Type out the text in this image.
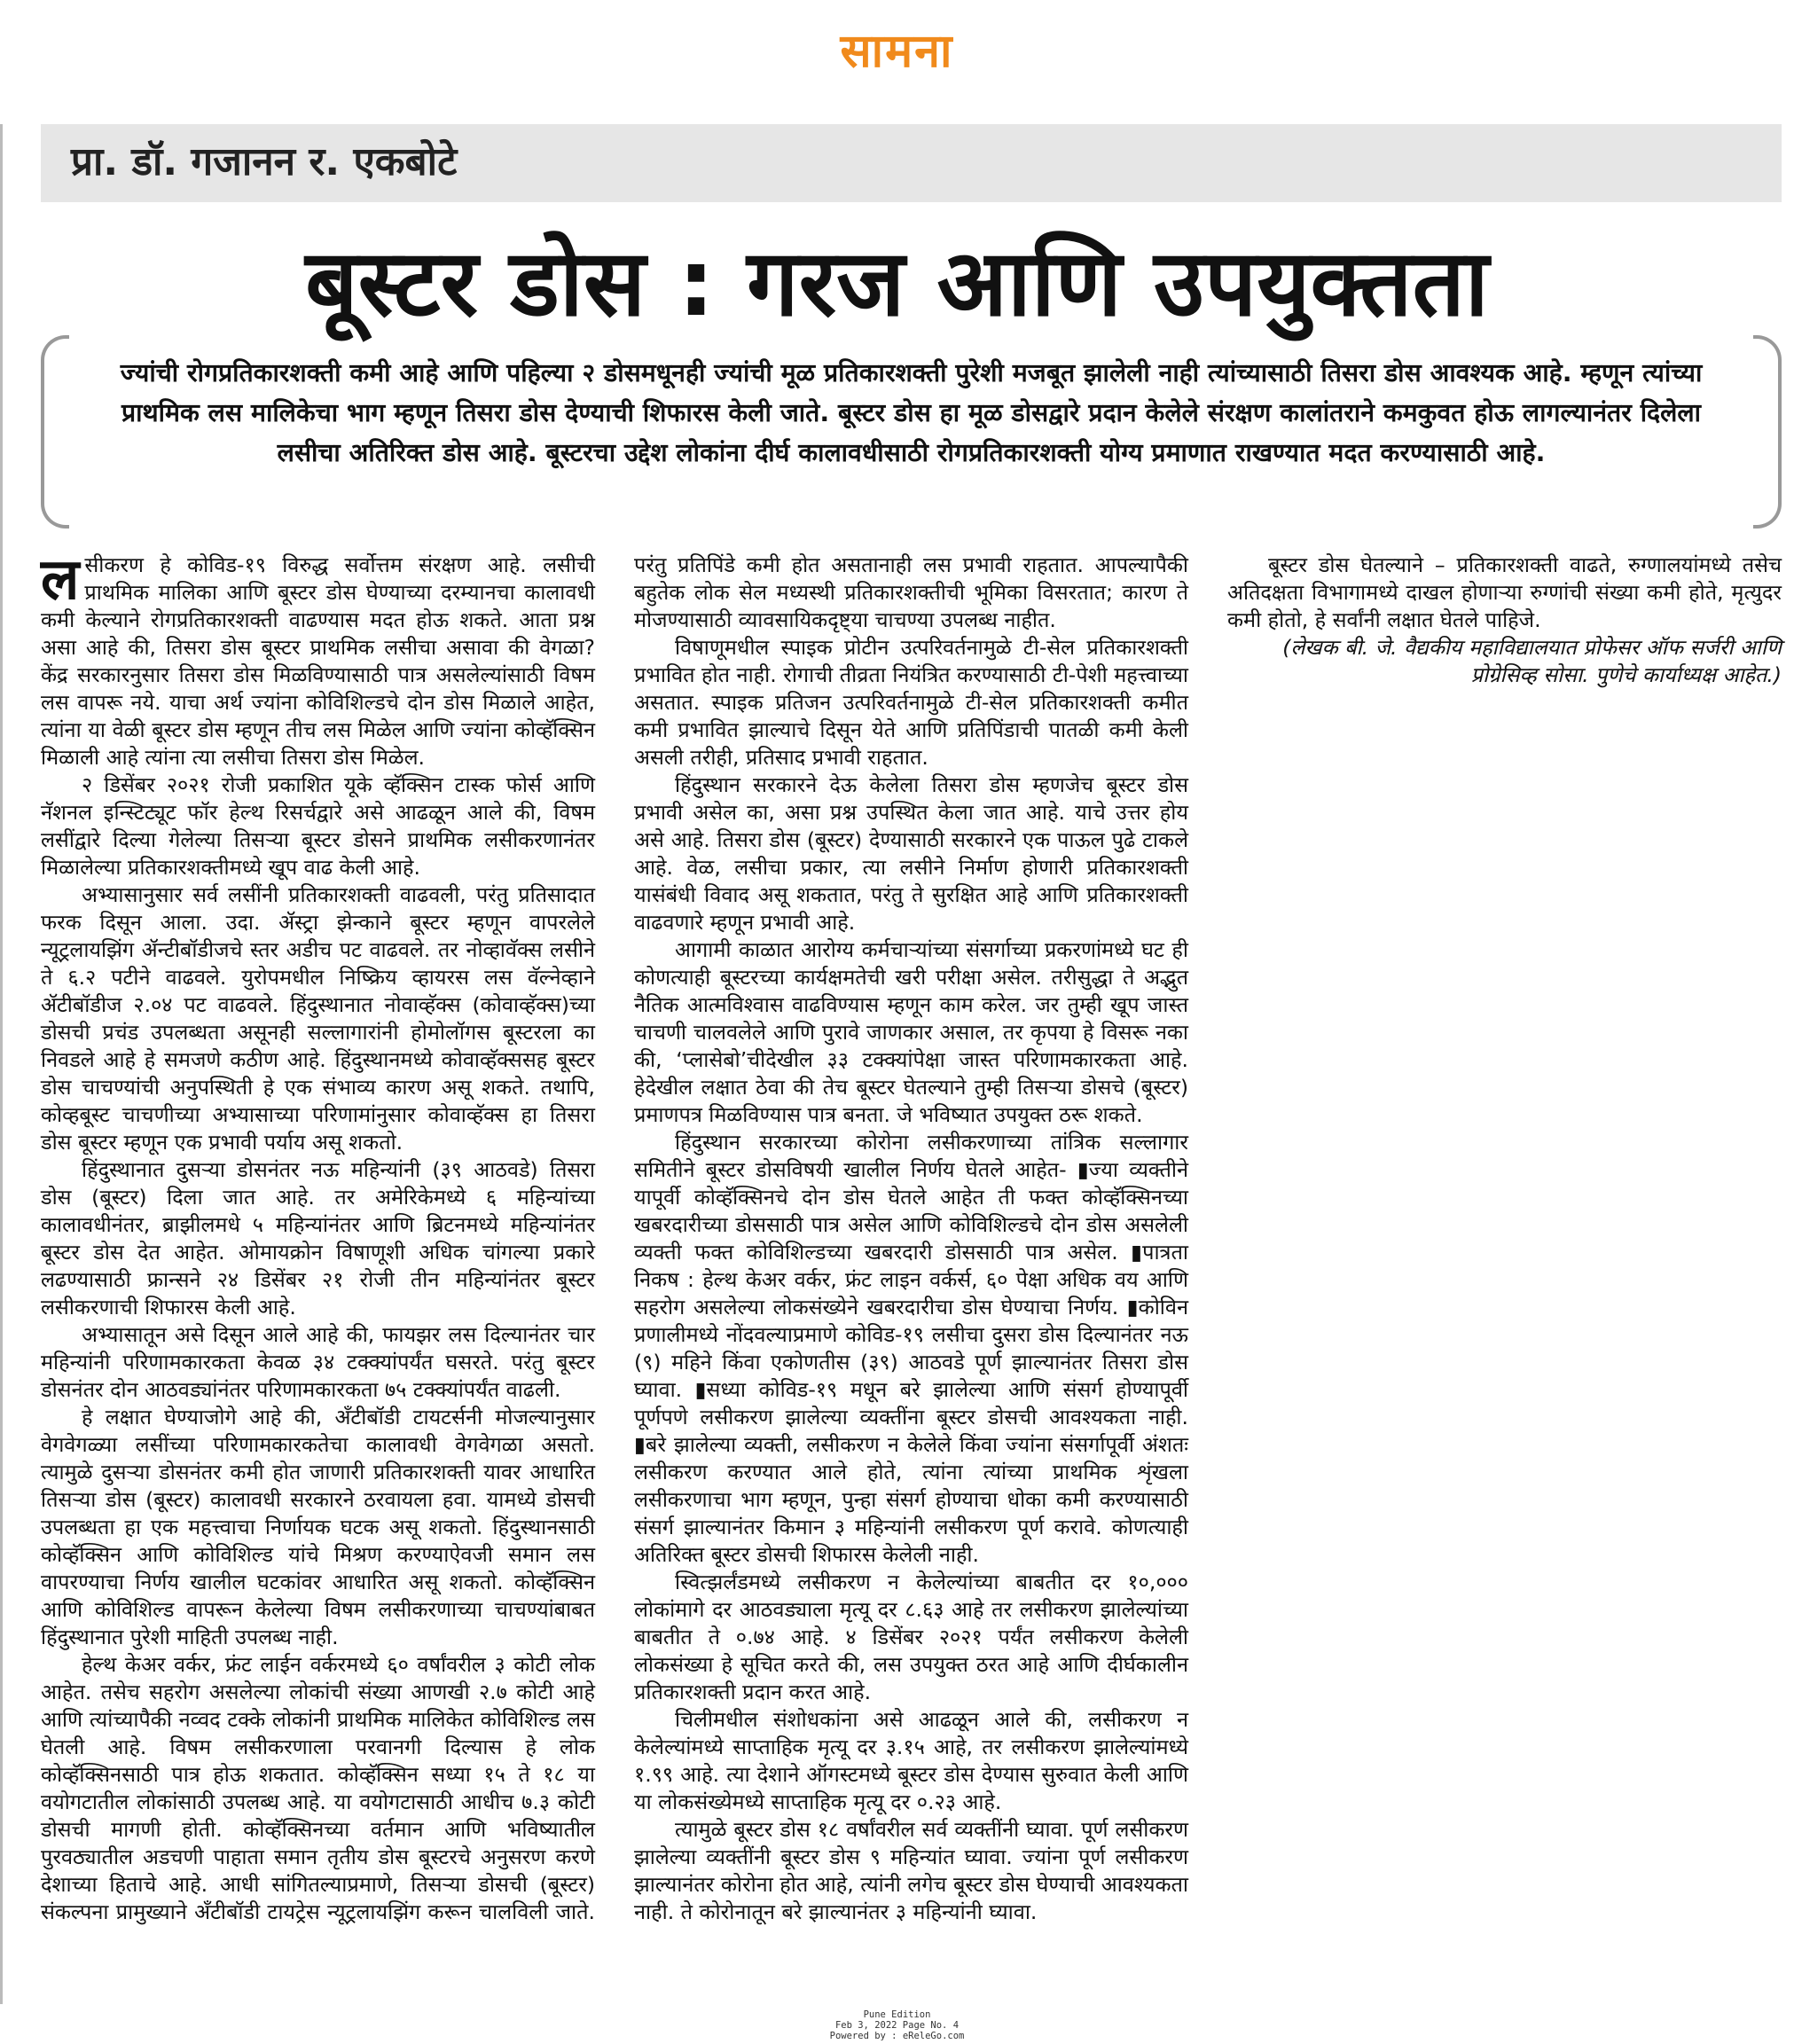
सामना
प्रा. डॉ. गजानन र. एकबोटे
बूस्टर डोस : गरज आणि उपयुक्तता
ज्यांची रोगप्रतिकारशक्ती कमी आहे आणि पहिल्या २ डोसमधूनही ज्यांची मूळ प्रतिकारशक्ती पुरेशी मजबूत झालेली नाही त्यांच्यासाठी तिसरा डोस आवश्यक आहे. म्हणून त्यांच्या प्राथमिक लस मालिकेचा भाग म्हणून तिसरा डोस देण्याची शिफारस केली जाते. बूस्टर डोस हा मूळ डोसद्वारे प्रदान केलेले संरक्षण कालांतराने कमकुवत होऊ लागल्यानंतर दिलेला लसीचा अतिरिक्त डोस आहे. बूस्टरचा उद्देश लोकांना दीर्घ कालावधीसाठी रोगप्रतिकारशक्ती योग्य प्रमाणात राखण्यात मदत करण्यासाठी आहे.

लसीकरण हे कोविड-१९ विरुद्ध सर्वोत्तम संरक्षण आहे. लसीची प्राथमिक मालिका आणि बूस्टर डोस घेण्याच्या दरम्यानचा कालावधी कमी केल्याने रोगप्रतिकारशक्ती वाढण्यास मदत होऊ शकते. आता प्रश्न असा आहे की, तिसरा डोस बूस्टर प्राथमिक लसीचा असावा की वेगळा? केंद्र सरकारनुसार तिसरा डोस मिळविण्यासाठी पात्र असलेल्यांसाठी विषम लस वापरू नये. याचा अर्थ ज्यांना कोविशिल्डचे दोन डोस मिळाले आहेत, त्यांना या वेळी बूस्टर डोस म्हणून तीच लस मिळेल आणि ज्यांना कोव्हॅक्सिन मिळाली आहे त्यांना त्या लसीचा तिसरा डोस मिळेल.

२ डिसेंबर २०२१ रोजी प्रकाशित यूके व्हॅक्सिन टास्क फोर्स आणि नॅशनल इन्स्टिट्यूट फॉर हेल्थ रिसर्चद्वारे असे आढळून आले की, विषम लसींद्वारे दिल्या गेलेल्या तिसऱ्या बूस्टर डोसने प्राथमिक लसीकरणानंतर मिळालेल्या प्रतिकारशक्तीमध्ये खूप वाढ केली आहे.

अभ्यासानुसार सर्व लसींनी प्रतिकारशक्ती वाढवली, परंतु प्रतिसादात फरक दिसून आला. उदा. ॲस्ट्रा झेन्काने बूस्टर म्हणून वापरलेले न्यूट्रलायझिंग ॲन्टीबॉडीजचे स्तर अडीच पट वाढवले. तर नोव्हावॅक्स लसीने ते ६.२ पटीने वाढवले. युरोपमधील निष्क्रिय व्हायरस लस वॅल्नेव्हाने ॲटीबॉडीज २.०४ पट वाढवले. हिंदुस्थानात नोवाव्हॅक्स (कोवाव्हॅक्स)च्या डोसची प्रचंड उपलब्धता असूनही सल्लागारांनी होमोलॉगस बूस्टरला का निवडले आहे हे समजणे कठीण आहे. हिंदुस्थानमध्ये कोवाव्हॅक्ससह बूस्टर डोस चाचण्यांची अनुपस्थिती हे एक संभाव्य कारण असू शकते. तथापि, कोव्हबूस्ट चाचणीच्या अभ्यासाच्या परिणामांनुसार कोवाव्हॅक्स हा तिसरा डोस बूस्टर म्हणून एक प्रभावी पर्याय असू शकतो.

हिंदुस्थानात दुसऱ्या डोसनंतर नऊ महिन्यांनी (३९ आठवडे) तिसरा डोस (बूस्टर) दिला जात आहे. तर अमेरिकेमध्ये ६ महिन्यांच्या कालावधीनंतर, ब्राझीलमधे ५ महिन्यांनंतर आणि ब्रिटनमध्ये महिन्यांनंतर बूस्टर डोस देत आहेत. ओमायक्रोन विषाणूशी अधिक चांगल्या प्रकारे लढण्यासाठी फ्रान्सने २४ डिसेंबर २१ रोजी तीन महिन्यांनंतर बूस्टर लसीकरणाची शिफारस केली आहे.

अभ्यासातून असे दिसून आले आहे की, फायझर लस दिल्यानंतर चार महिन्यांनी परिणामकारकता केवळ ३४ टक्क्यांपर्यंत घसरते. परंतु बूस्टर डोसनंतर दोन आठवड्यांनंतर परिणामकारकता ७५ टक्क्यांपर्यंत वाढली.

हे लक्षात घेण्याजोगे आहे की, ॲंटीबॉडी टायटर्सनी मोजल्यानुसार वेगवेगळ्या लसींच्या परिणामकारकतेचा कालावधी वेगवेगळा असतो. त्यामुळे दुसऱ्या डोसनंतर कमी होत जाणारी प्रतिकारशक्ती यावर आधारित तिसऱ्या डोस (बूस्टर) कालावधी सरकारने ठरवायला हवा. यामध्ये डोसची उपलब्धता हा एक महत्त्वाचा निर्णायक घटक असू शकतो. हिंदुस्थानसाठी कोव्हॅक्सिन आणि कोविशिल्ड यांचे मिश्रण करण्याऐवजी समान लस वापरण्याचा निर्णय खालील घटकांवर आधारित असू शकतो. कोव्हॅक्सिन आणि कोविशिल्ड वापरून केलेल्या विषम लसीकरणाच्या चाचण्यांबाबत हिंदुस्थानात पुरेशी माहिती उपलब्ध नाही.

हेल्थ केअर वर्कर, फ्रंट लाईन वर्करमध्ये ६० वर्षांवरील ३ कोटी लोक आहेत. तसेच सहरोग असलेल्या लोकांची संख्या आणखी २.७ कोटी आहे आणि त्यांच्यापैकी नव्वद टक्के लोकांनी प्राथमिक मालिकेत कोविशिल्ड लस घेतली आहे. विषम लसीकरणाला परवानगी दिल्यास हे लोक कोव्हॅक्सिनसाठी पात्र होऊ शकतात. कोव्हॅक्सिन सध्या १५ ते १८ या वयोगटातील लोकांसाठी उपलब्ध आहे. या वयोगटासाठी आधीच ७.३ कोटी डोसची मागणी होती. कोव्हॅक्सिनच्या वर्तमान आणि भविष्यातील पुरवठ्यातील अडचणी पाहाता समान तृतीय डोस बूस्टरचे अनुसरण करणे देशाच्या हिताचे आहे. आधी सांगितल्याप्रमाणे, तिसऱ्या डोसची (बूस्टर) संकल्पना प्रामुख्याने ॲंटीबॉडी टायट्रेस न्यूट्रलायझिंग करून चालविली जाते. परंतु प्रतिपिंडे कमी होत असतानाही लस प्रभावी राहतात. आपल्यापैकी बहुतेक लोक सेल मध्यस्थी प्रतिकारशक्तीची भूमिका विसरतात; कारण ते मोजण्यासाठी व्यावसायिकदृष्ट्या चाचण्या उपलब्ध नाहीत.

विषाणूमधील स्पाइक प्रोटीन उत्परिवर्तनामुळे टी-सेल प्रतिकारशक्ती प्रभावित होत नाही. रोगाची तीव्रता नियंत्रित करण्यासाठी टी-पेशी महत्त्वाच्या असतात. स्पाइक प्रतिजन उत्परिवर्तनामुळे टी-सेल प्रतिकारशक्ती कमीत कमी प्रभावित झाल्याचे दिसून येते आणि प्रतिपिंडाची पातळी कमी केली असली तरीही, प्रतिसाद प्रभावी राहतात.

हिंदुस्थान सरकारने देऊ केलेला तिसरा डोस म्हणजेच बूस्टर डोस प्रभावी असेल का, असा प्रश्न उपस्थित केला जात आहे. याचे उत्तर होय असे आहे. तिसरा डोस (बूस्टर) देण्यासाठी सरकारने एक पाऊल पुढे टाकले आहे. वेळ, लसीचा प्रकार, त्या लसीने निर्माण होणारी प्रतिकारशक्ती यासंबंधी विवाद असू शकतात, परंतु ते सुरक्षित आहे आणि प्रतिकारशक्ती वाढवणारे म्हणून प्रभावी आहे.

आगामी काळात आरोग्य कर्मचाऱ्यांच्या संसर्गाच्या प्रकरणांमध्ये घट ही कोणत्याही बूस्टरच्या कार्यक्षमतेची खरी परीक्षा असेल. तरीसुद्धा ते अद्भुत नैतिक आत्मविश्वास वाढविण्यास म्हणून काम करेल. जर तुम्ही खूप जास्त चाचणी चालवलेले आणि पुरावे जाणकार असाल, तर कृपया हे विसरू नका की, ‘प्लासेबो’चीदेखील ३३ टक्क्यांपेक्षा जास्त परिणामकारकता आहे. हेदेखील लक्षात ठेवा की तेच बूस्टर घेतल्याने तुम्ही तिसऱ्या डोसचे (बूस्टर) प्रमाणपत्र मिळविण्यास पात्र बनता. जे भविष्यात उपयुक्त ठरू शकते.

हिंदुस्थान सरकारच्या कोरोना लसीकरणाच्या तांत्रिक सल्लागार समितीने बूस्टर डोसविषयी खालील निर्णय घेतले आहेत- ▮ज्या व्यक्तीने यापूर्वी कोव्हॅक्सिनचे दोन डोस घेतले आहेत ती फक्त कोव्हॅक्सिनच्या खबरदारीच्या डोससाठी पात्र असेल आणि कोविशिल्डचे दोन डोस असलेली व्यक्ती फक्त कोविशिल्डच्या खबरदारी डोससाठी पात्र असेल. ▮पात्रता निकष : हेल्थ केअर वर्कर, फ्रंट लाइन वर्कर्स, ६० पेक्षा अधिक वय आणि सहरोग असलेल्या लोकसंख्येने खबरदारीचा डोस घेण्याचा निर्णय. ▮कोविन प्रणालीमध्ये नोंदवल्याप्रमाणे कोविड-१९ लसीचा दुसरा डोस दिल्यानंतर नऊ (९) महिने किंवा एकोणतीस (३९) आठवडे पूर्ण झाल्यानंतर तिसरा डोस घ्यावा. ▮सध्या कोविड-१९ मधून बरे झालेल्या आणि संसर्ग होण्यापूर्वी पूर्णपणे लसीकरण झालेल्या व्यक्तींना बूस्टर डोसची आवश्यकता नाही. ▮बरे झालेल्या व्यक्ती, लसीकरण न केलेले किंवा ज्यांना संसर्गापूर्वी अंशतः लसीकरण करण्यात आले होते, त्यांना त्यांच्या प्राथमिक शृंखला लसीकरणाचा भाग म्हणून, पुन्हा संसर्ग होण्याचा धोका कमी करण्यासाठी संसर्ग झाल्यानंतर किमान ३ महिन्यांनी लसीकरण पूर्ण करावे. कोणत्याही अतिरिक्त बूस्टर डोसची शिफारस केलेली नाही.

स्वित्झर्लंडमध्ये लसीकरण न केलेल्यांच्या बाबतीत दर १०,००० लोकांमागे दर आठवड्याला मृत्यू दर ८.६३ आहे तर लसीकरण झालेल्यांच्या बाबतीत ते ०.७४ आहे. ४ डिसेंबर २०२१ पर्यंत लसीकरण केलेली लोकसंख्या हे सूचित करते की, लस उपयुक्त ठरत आहे आणि दीर्घकालीन प्रतिकारशक्ती प्रदान करत आहे.

चिलीमधील संशोधकांना असे आढळून आले की, लसीकरण न केलेल्यांमध्ये साप्ताहिक मृत्यू दर ३.१५ आहे, तर लसीकरण झालेल्यांमध्ये १.९९ आहे. त्या देशाने ऑगस्टमध्ये बूस्टर डोस देण्यास सुरुवात केली आणि या लोकसंख्येमध्ये साप्ताहिक मृत्यू दर ०.२३ आहे.

त्यामुळे बूस्टर डोस १८ वर्षांवरील सर्व व्यक्तींनी घ्यावा. पूर्ण लसीकरण झालेल्या व्यक्तींनी बूस्टर डोस ९ महिन्यांत घ्यावा. ज्यांना पूर्ण लसीकरण झाल्यानंतर कोरोना होत आहे, त्यांनी लगेच बूस्टर डोस घेण्याची आवश्यकता नाही. ते कोरोनातून बरे झाल्यानंतर ३ महिन्यांनी घ्यावा.

बूस्टर डोस घेतल्याने – प्रतिकारशक्ती वाढते, रुग्णालयांमध्ये तसेच अतिदक्षता विभागामध्ये दाखल होणाऱ्या रुग्णांची संख्या कमी होते, मृत्युदर कमी होतो, हे सर्वांनी लक्षात घेतले पाहिजे.

(लेखक बी. जे. वैद्यकीय महाविद्यालयात प्रोफेसर ऑफ सर्जरी आणि प्रोग्रेसिव्ह सोसा. पुणेचे कार्याध्यक्ष आहेत.)

Pune Edition
Feb 3, 2022 Page No. 4
Powered by : eReleGo.com
